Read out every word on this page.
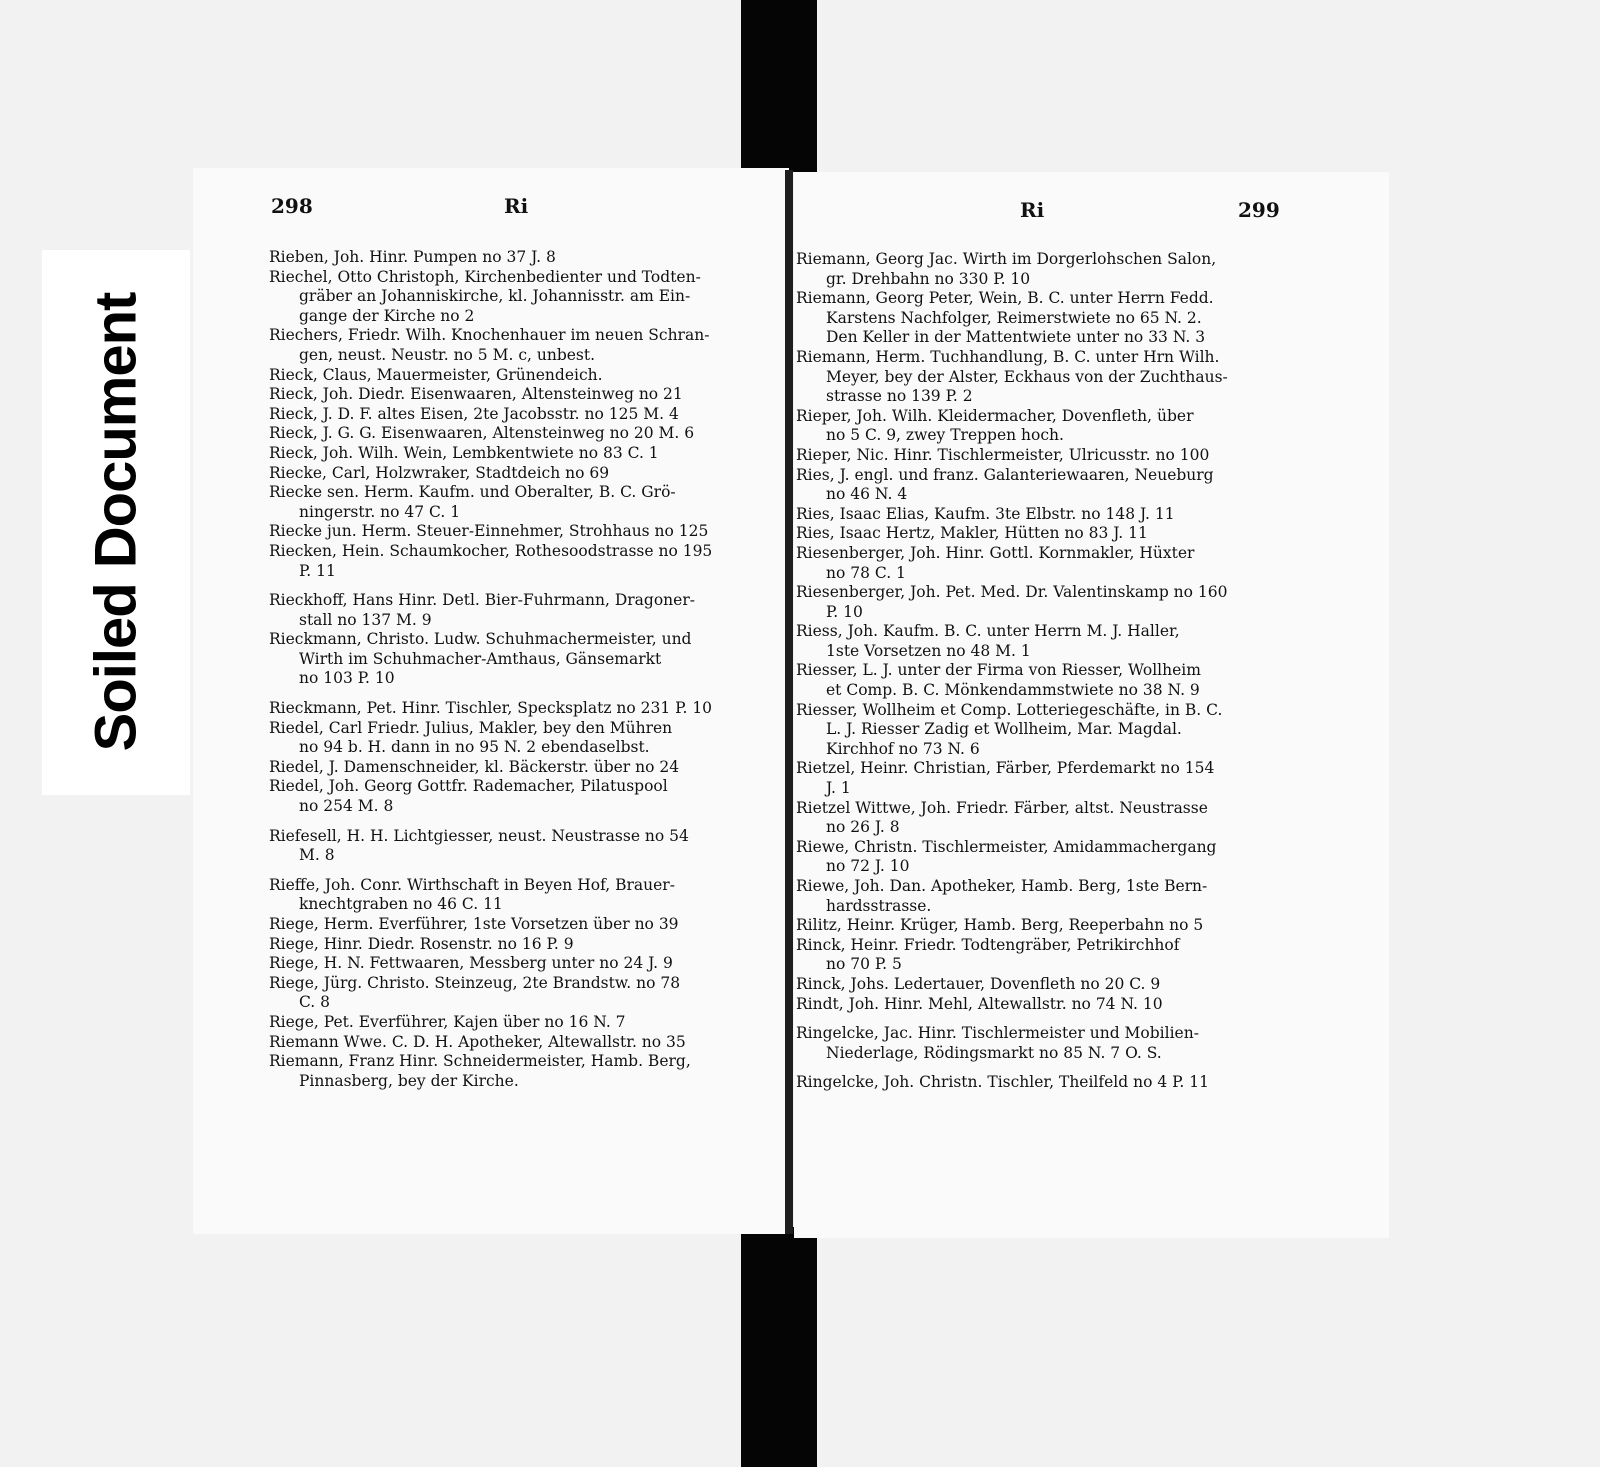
Soiled Document
298	Ri
Rieben, Joh. Hinr. Pumpen no 37 J. 8
Riechel, Otto Christoph, Kirchenbedienter und Todten-
gräber an Johanniskirche, kl. Johannisstr. am Ein-
gange der Kirche no 2
Riechers, Friedr. Wilh. Knochenhauer im neuen Schran-
gen, neust. Neustr. no 5 M. c, unbest.
Rieck, Claus, Mauermeister, Grünendeich.
Rieck, Joh. Diedr. Eisenwaaren, Altensteinweg no 21
Rieck, J. D. F. altes Eisen, 2te Jacobsstr. no 125 M. 4
Rieck, J. G. G. Eisenwaaren, Altensteinweg no 20 M. 6
Rieck, Joh. Wilh. Wein, Lembkentwiete no 83 C. 1
Riecke, Carl, Holzwraker, Stadtdeich no 69
Riecke sen. Herm. Kaufm. und Oberalter, B. C. Grö-
ningerstr. no 47 C. 1
Riecke jun. Herm. Steuer-Einnehmer, Strohhaus no 125
Riecken, Hein. Schaumkocher, Rothesoodstrasse no 195
P. 11
Rieckhoff, Hans Hinr. Detl. Bier-Fuhrmann, Dragoner-
stall no 137 M. 9
Rieckmann, Christo. Ludw. Schuhmachermeister, und
Wirth im Schuhmacher-Amthaus, Gänsemarkt
no 103 P. 10
Rieckmann, Pet. Hinr. Tischler, Specksplatz no 231 P. 10
Riedel, Carl Friedr. Julius, Makler, bey den Mühren
no 94 b. H. dann in no 95 N. 2 ebendaselbst.
Riedel, J. Damenschneider, kl. Bäckerstr. über no 24
Riedel, Joh. Georg Gottfr. Rademacher, Pilatuspool
no 254 M. 8
Riefesell, H. H. Lichtgiesser, neust. Neustrasse no 54
M. 8
Rieffe, Joh. Conr. Wirthschaft in Beyen Hof, Brauer-
knechtgraben no 46 C. 11
Riege, Herm. Everführer, 1ste Vorsetzen über no 39
Riege, Hinr. Diedr. Rosenstr. no 16 P. 9
Riege, H. N. Fettwaaren, Messberg unter no 24 J. 9
Riege, Jürg. Christo. Steinzeug, 2te Brandstw. no 78
C. 8
Riege, Pet. Everführer, Kajen über no 16 N. 7
Riemann Wwe. C. D. H. Apotheker, Altewallstr. no 35
Riemann, Franz Hinr. Schneidermeister, Hamb. Berg,
Pinnasberg, bey der Kirche.
Ri	299
Riemann, Georg Jac. Wirth im Dorgerlohschen Salon,
gr. Drehbahn no 330 P. 10
Riemann, Georg Peter, Wein, B. C. unter Herrn Fedd.
Karstens Nachfolger, Reimerstwiete no 65 N. 2.
Den Keller in der Mattentwiete unter no 33 N. 3
Riemann, Herm. Tuchhandlung, B. C. unter Hrn Wilh.
Meyer, bey der Alster, Eckhaus von der Zuchthaus-
strasse no 139 P. 2
Rieper, Joh. Wilh. Kleidermacher, Dovenfleth, über
no 5 C. 9, zwey Treppen hoch.
Rieper, Nic. Hinr. Tischlermeister, Ulricusstr. no 100
Ries, J. engl. und franz. Galanteriewaaren, Neueburg
no 46 N. 4
Ries, Isaac Elias, Kaufm. 3te Elbstr. no 148 J. 11
Ries, Isaac Hertz, Makler, Hütten no 83 J. 11
Riesenberger, Joh. Hinr. Gottl. Kornmakler, Hüxter
no 78 C. 1
Riesenberger, Joh. Pet. Med. Dr. Valentinskamp no 160
P. 10
Riess, Joh. Kaufm. B. C. unter Herrn M. J. Haller,
1ste Vorsetzen no 48 M. 1
Riesser, L. J. unter der Firma von Riesser, Wollheim
et Comp. B. C. Mönkendammstwiete no 38 N. 9
Riesser, Wollheim et Comp. Lotteriegeschäfte, in B. C.
L. J. Riesser Zadig et Wollheim, Mar. Magdal.
Kirchhof no 73 N. 6
Rietzel, Heinr. Christian, Färber, Pferdemarkt no 154
J. 1
Rietzel Wittwe, Joh. Friedr. Färber, altst. Neustrasse
no 26 J. 8
Riewe, Christn. Tischlermeister, Amidammachergang
no 72 J. 10
Riewe, Joh. Dan. Apotheker, Hamb. Berg, 1ste Bern-
hardsstrasse.
Rilitz, Heinr. Krüger, Hamb. Berg, Reeperbahn no 5
Rinck, Heinr. Friedr. Todtengräber, Petrikirchhof
no 70 P. 5
Rinck, Johs. Ledertauer, Dovenfleth no 20 C. 9
Rindt, Joh. Hinr. Mehl, Altewallstr. no 74 N. 10
Ringelcke, Jac. Hinr. Tischlermeister und Mobilien-
Niederlage, Rödingsmarkt no 85 N. 7 O. S.
Ringelcke, Joh. Christn. Tischler, Theilfeld no 4 P. 11
